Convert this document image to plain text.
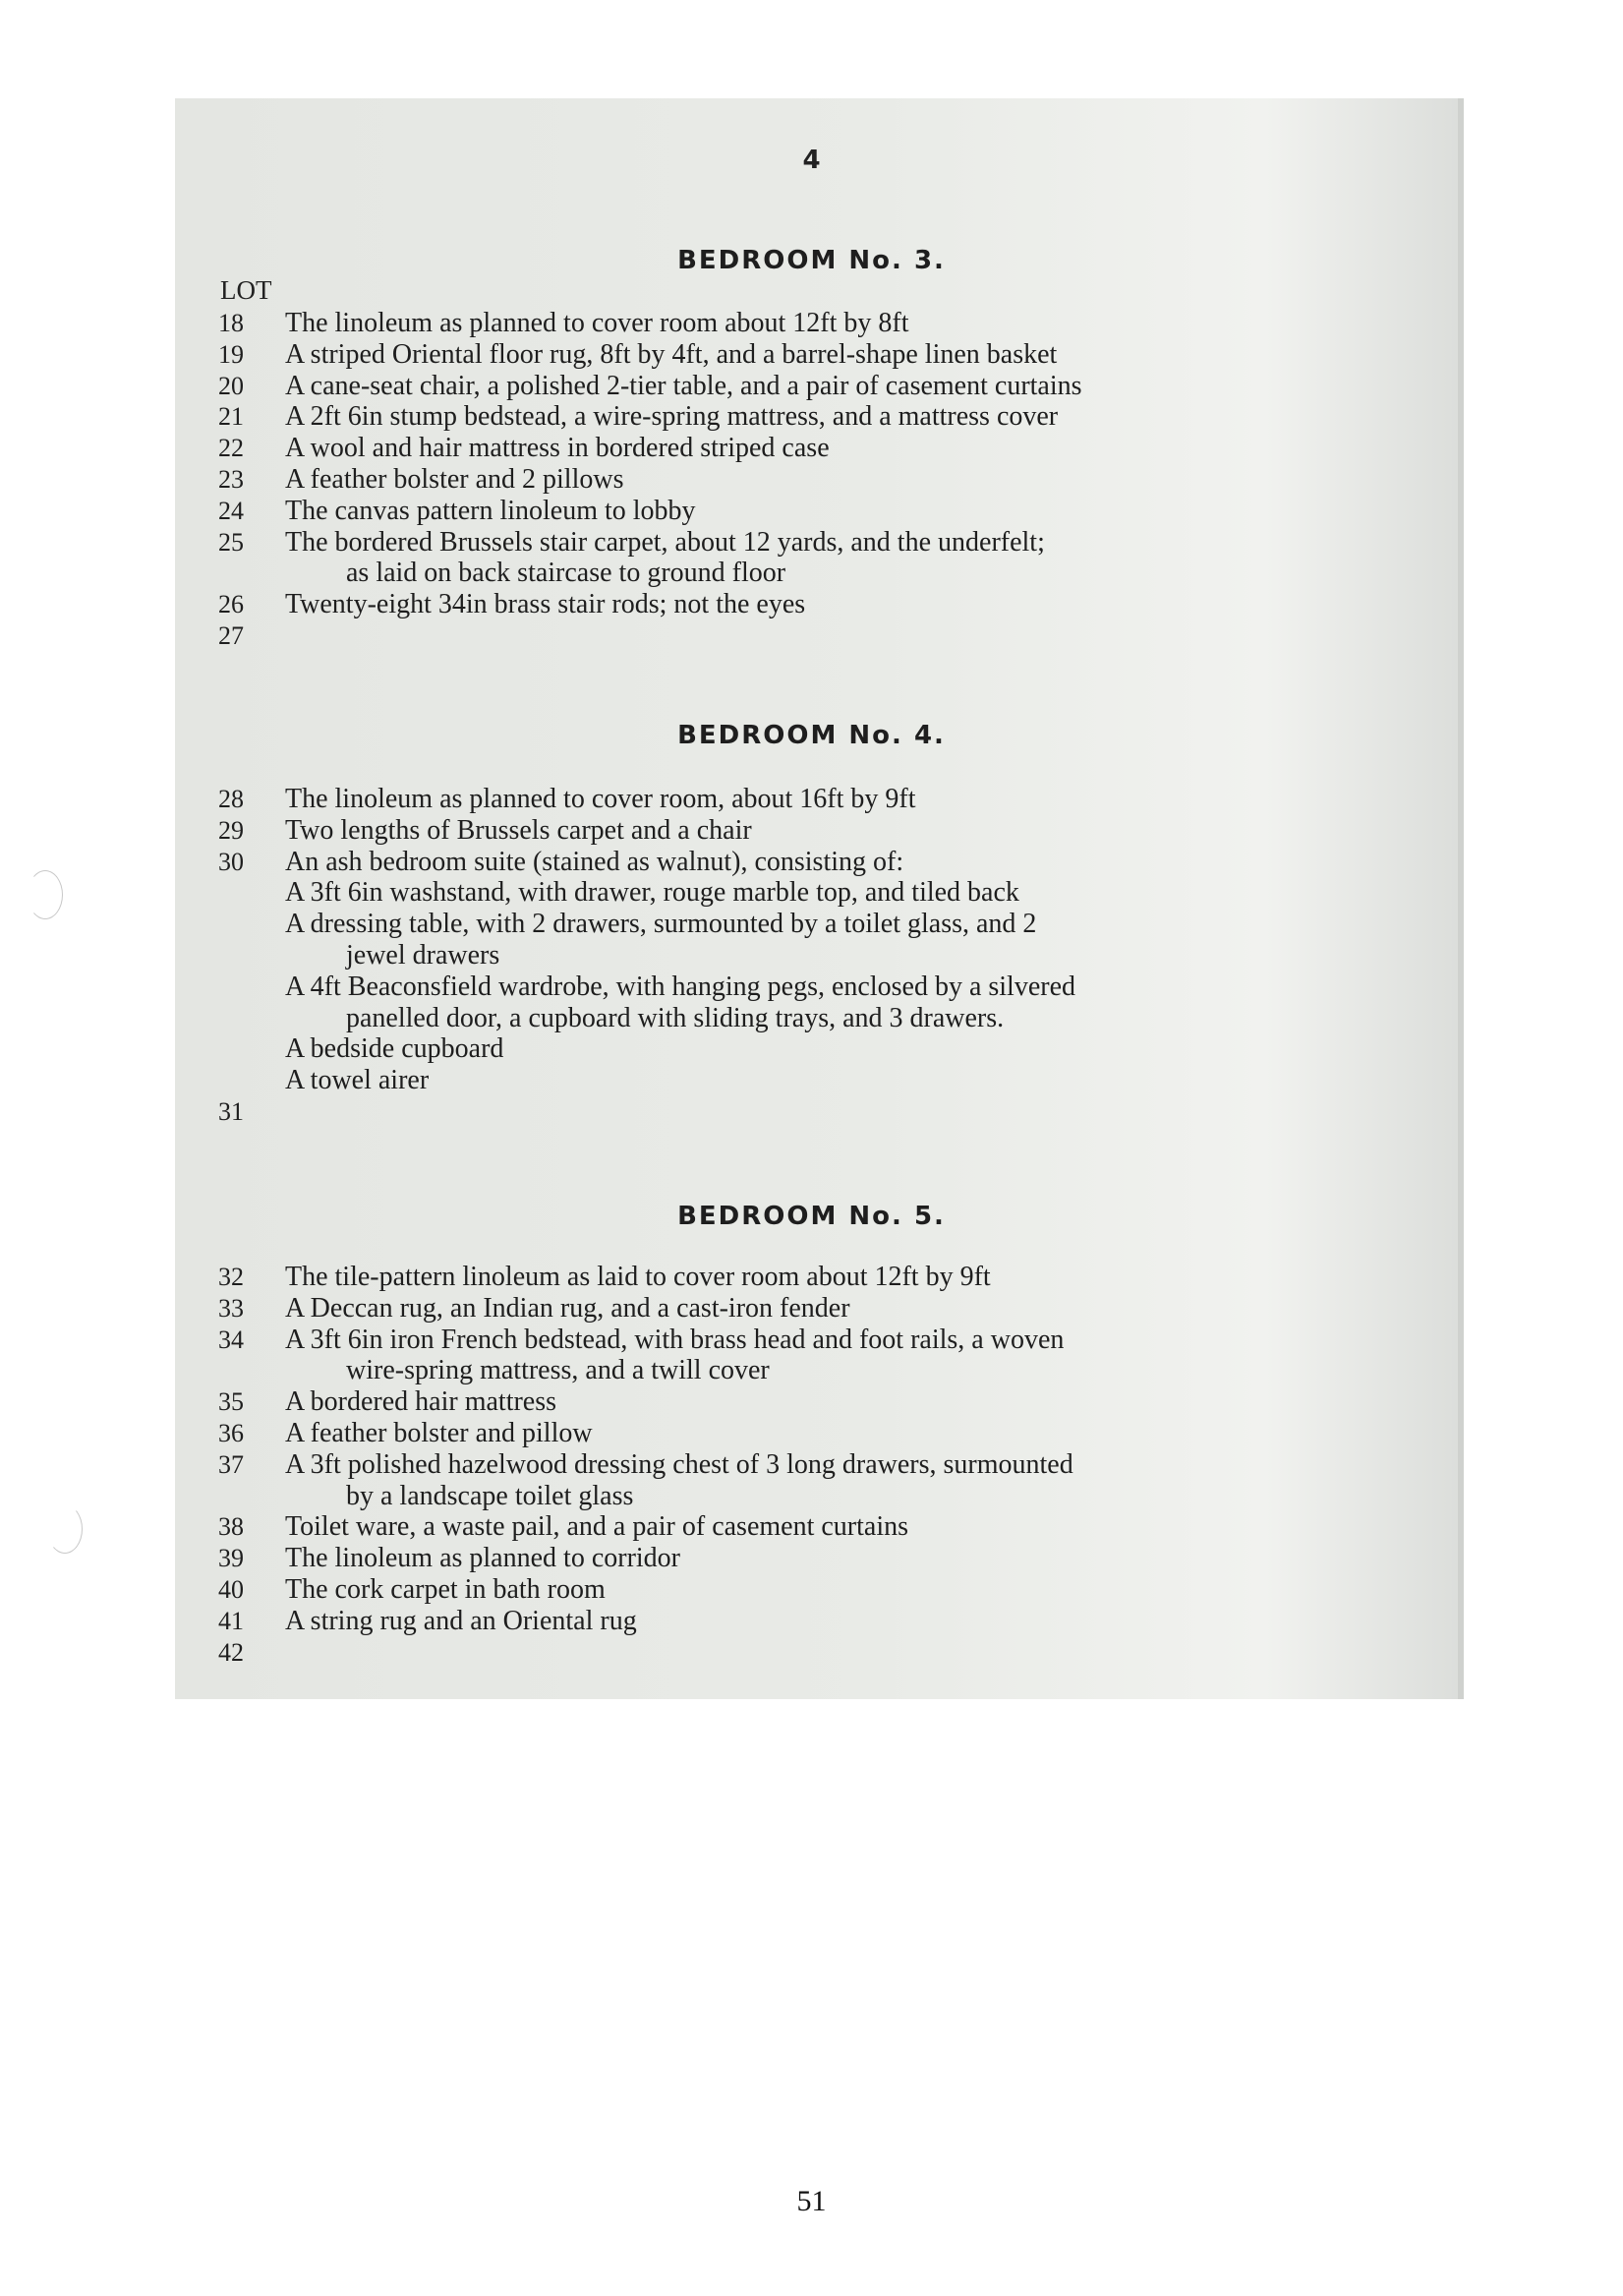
4
LOT
BEDROOM No. 3.
BEDROOM No. 4.
BEDROOM No. 5.
18	The linoleum as planned to cover room about 12ft by 8ft
19	A striped Oriental floor rug, 8ft by 4ft, and a barrel-shape linen basket
20	A cane-seat chair, a polished 2-tier table, and a pair of casement curtains
21	A 2ft 6in stump bedstead, a wire-spring mattress, and a mattress cover
22	A wool and hair mattress in bordered striped case
23	A feather bolster and 2 pillows
24	The canvas pattern linoleum to lobby
25	The bordered Brussels stair carpet, about 12 yards, and the underfelt;
as laid on back staircase to ground floor
26	Twenty-eight 34in brass stair rods; not the eyes
27
28	The linoleum as planned to cover room, about 16ft by 9ft
29	Two lengths of Brussels carpet and a chair
30	An ash bedroom suite (stained as walnut), consisting of:
A 3ft 6in washstand, with drawer, rouge marble top, and tiled back
A dressing table, with 2 drawers, surmounted by a toilet glass, and 2
jewel drawers
A 4ft Beaconsfield wardrobe, with hanging pegs, enclosed by a silvered
panelled door, a cupboard with sliding trays, and 3 drawers.
A bedside cupboard
A towel airer
31
32	The tile-pattern linoleum as laid to cover room about 12ft by 9ft
33	A Deccan rug, an Indian rug, and a cast-iron fender
34	A 3ft 6in iron French bedstead, with brass head and foot rails, a woven
wire-spring mattress, and a twill cover
35	A bordered hair mattress
36	A feather bolster and pillow
37	A 3ft polished hazelwood dressing chest of 3 long drawers, surmounted
by a landscape toilet glass
38	Toilet ware, a waste pail, and a pair of casement curtains
39	The linoleum as planned to corridor
40	The cork carpet in bath room
41	A string rug and an Oriental rug
42
51
